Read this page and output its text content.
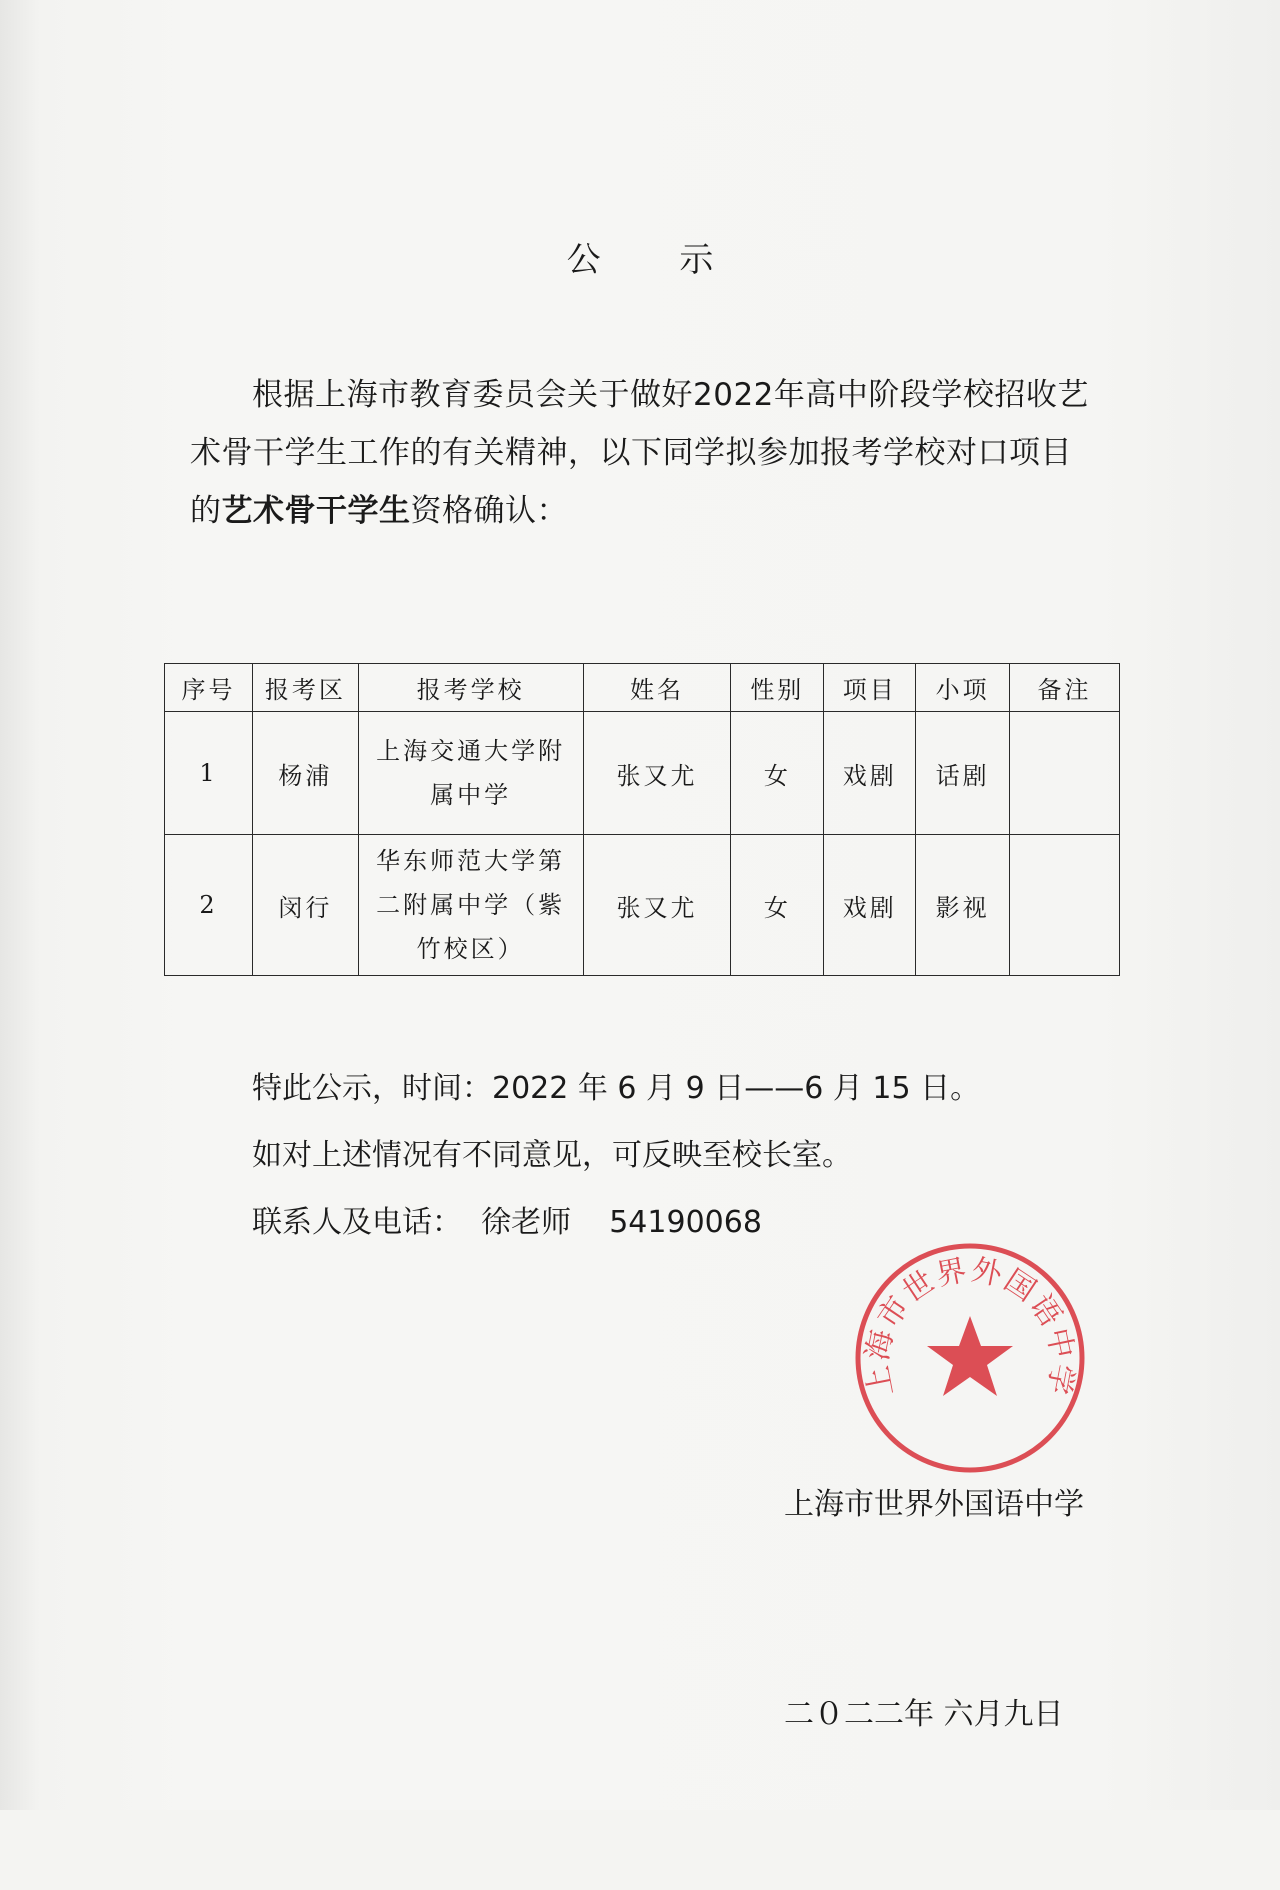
公 示
根据上海市教育委员会关于做好2022年高中阶段学校招收艺术骨干学生工作的有关精神，以下同学拟参加报考学校对口项目的艺术骨干学生资格确认：
序号	报考区	报考学校	姓名	性别	项目	小项	备注
1	杨浦	上海交通大学附属中学	张又尤	女	戏剧	话剧	
2	闵行	华东师范大学第二附属中学（紫竹校区）	张又尤	女	戏剧	影视	
特此公示，时间：2022 年 6 月 9 日——6 月 15 日。
如对上述情况有不同意见，可反映至校长室。
联系人及电话：  徐老师    54190068
上海市世界外国语中学

上海市世界外国语中学

二０二二年 六月九日
